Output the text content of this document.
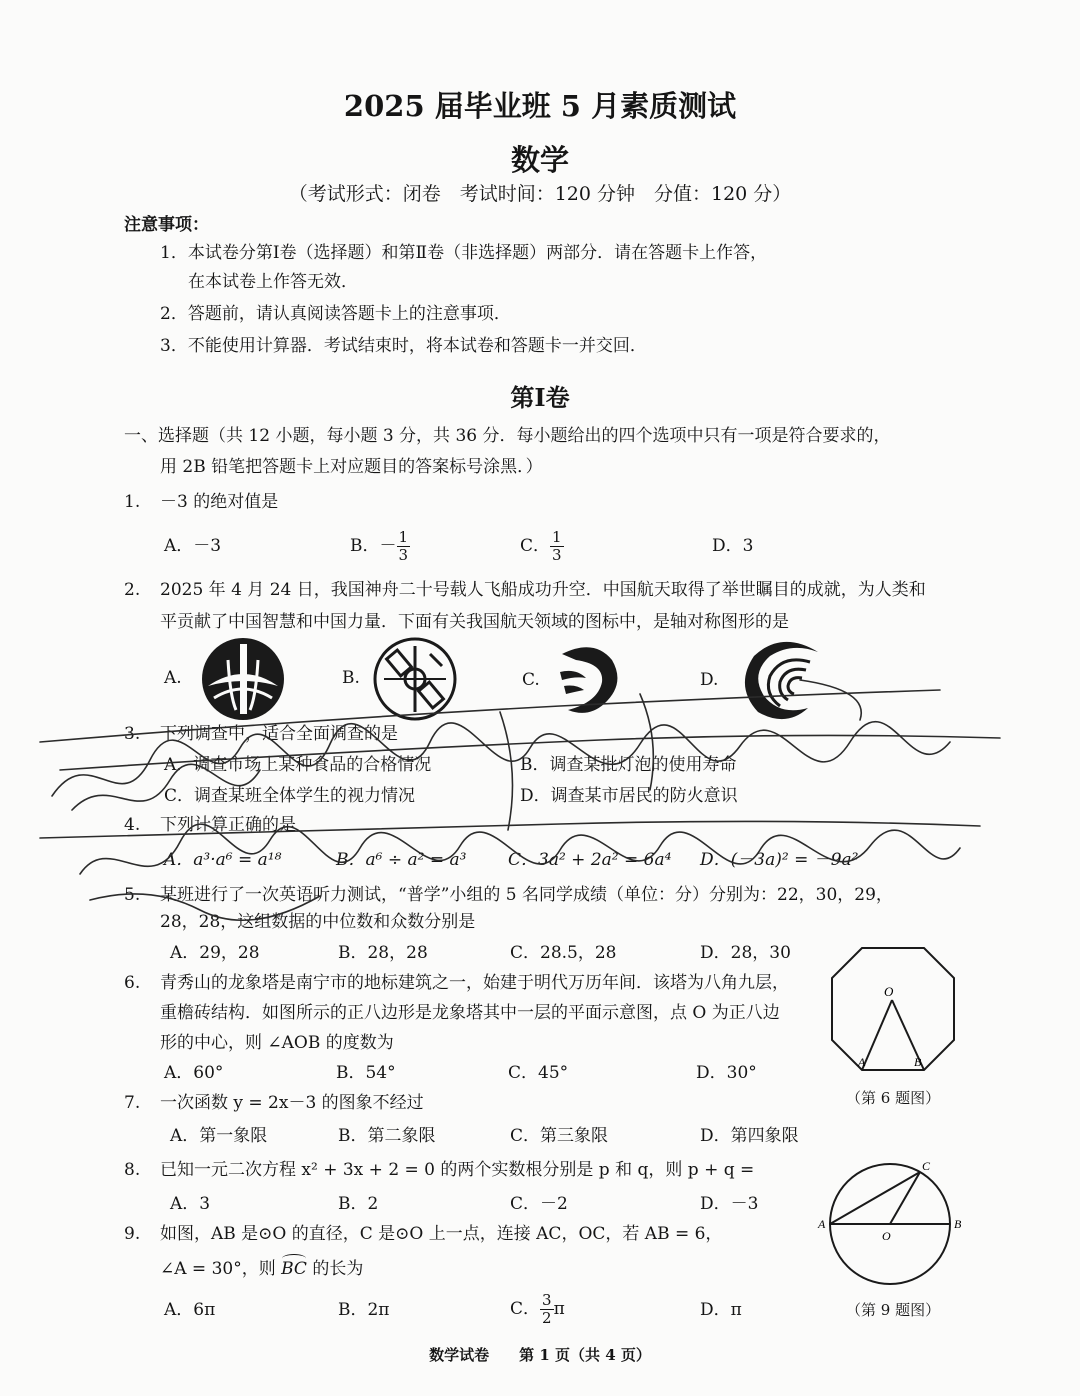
2025 届毕业班 5 月素质测试
数学
（考试形式：闭卷　考试时间：120 分钟　分值：120 分）
注意事项：
1．本试卷分第Ⅰ卷（选择题）和第Ⅱ卷（非选择题）两部分．请在答题卡上作答，
在本试卷上作答无效．
2．答题前，请认真阅读答题卡上的注意事项．
3．不能使用计算器．考试结束时，将本试卷和答题卡一并交回．
第Ⅰ卷
一、选择题（共 12 小题，每小题 3 分，共 36 分．每小题给出的四个选项中只有一项是符合要求的，
用 2B 铅笔把答题卡上对应题目的答案标号涂黑．）
1. －3 的绝对值是
A．－3	B．－ $\frac{1}{3}$	C． $\frac{1}{3}$	D．3
2. 2025 年 4 月 24 日，我国神舟二十号载人飞船成功升空．中国航天取得了举世瞩目的成就，为人类和
平贡献了中国智慧和中国力量．下面有关我国航天领域的图标中，是轴对称图形的是
A.	B.	C.	D.
3. 下列调查中，适合全面调查的是
A．调查市场上某种食品的合格情况	B．调查某批灯泡的使用寿命
C．调查某班全体学生的视力情况	D．调查某市居民的防火意识
4. 下列计算正确的是
A．a³·a⁶ = a¹⁸	B．a⁶ ÷ a² = a³ C．3a² + 2a² = 6a⁴ D．(－3a)² = －9a²
5. 某班进行了一次英语听力测试，“普学”小组的 5 名同学成绩（单位：分）分别为：22，30，29，
28，28，这组数据的中位数和众数分别是
A．29，28	B．28，28	C．28.5，28	D．28，30
6. 青秀山的龙象塔是南宁市的地标建筑之一，始建于明代万历年间．该塔为八角九层，
重檐砖结构．如图所示的正八边形是龙象塔其中一层的平面示意图，点 O 为正八边
形的中心，则 ∠AOB 的度数为
A．60°	B．54°	C．45°	D．30°
O
A	B
（第 6 题图）
7. 一次函数 y = 2x－3 的图象不经过
A．第一象限	B．第二象限	C．第三象限	D．第四象限
8. 已知一元二次方程 x² + 3x + 2 = 0 的两个实数根分别是 p 和 q，则 p + q =
A．3	B．2	C．－2	D．－3
9. 如图，AB 是⊙O 的直径，C 是⊙O 上一点，连接 AC，OC，若 AB = 6，
∠A = 30°，则 BC 的长为
A．6π	B．2π	C． $\frac{3}{2}$ π	D．π
A	B
C
O
（第 9 题图）
数学试卷　　第 1 页（共 4 页）
